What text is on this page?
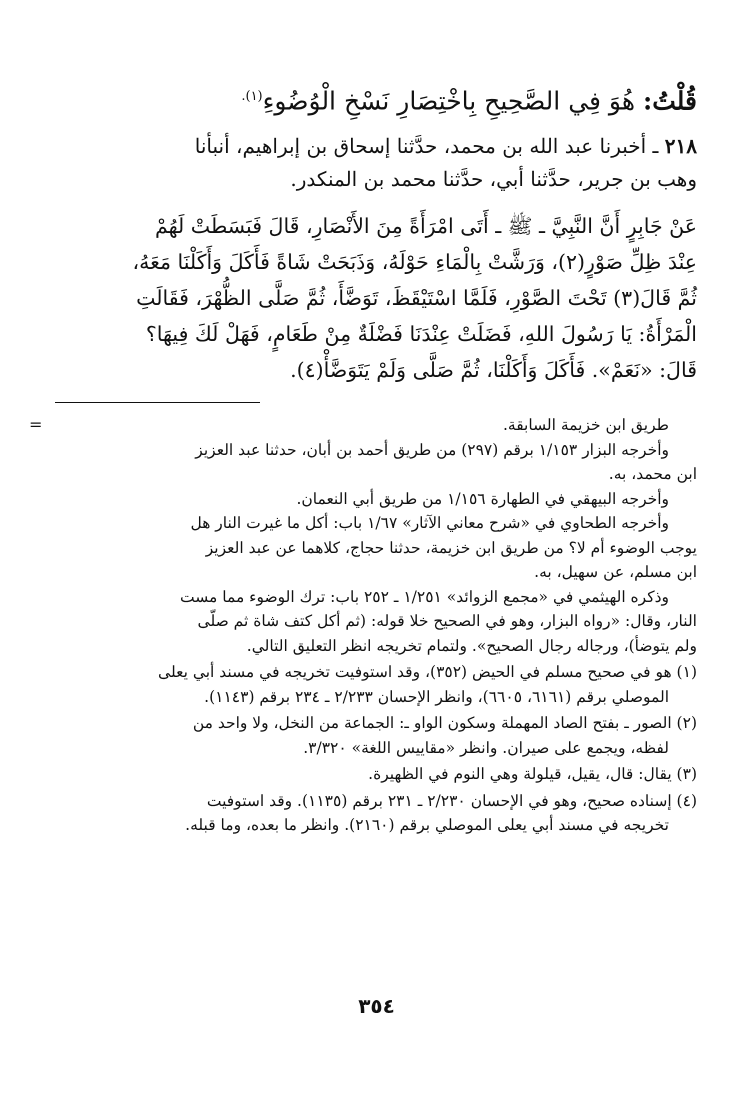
قُلْتُ: هُوَ فِي الصَّحِيحِ بِاخْتِصَارِ نَسْخِ الْوُضُوءِ$^{(١).}$
٢١٨ ـ أخبرنا عبد الله بن محمد، حدَّثنا إسحاق بن إبراهيم، أنبأنا
وهب بن جرير، حدَّثنا أبي، حدَّثنا محمد بن المنكدر.
عَنْ جَابِرٍ أَنَّ النَّبِيَّ ـ ﷺ ـ أَتَى امْرَأَةً مِنَ الأَنْصَارِ، قَالَ فَبَسَطَتْ لَهُمْ
عِنْدَ ظِلِّ صَوْرٍ(٢)، وَرَشَّتْ بِالْمَاءِ حَوْلَهُ، وَذَبَحَتْ شَاةً فَأَكَلَ وَأَكَلْنَا مَعَهُ،
ثُمَّ قَالَ(٣) تَحْتَ الصَّوْرِ، فَلَمَّا اسْتَيْقَظَ، تَوَضَّأَ، ثُمَّ صَلَّى الظُّهْرَ، فَقَالَتِ
الْمَرْأَةُ: يَا رَسُولَ اللهِ، فَضَلَتْ عِنْدَنَا فَضْلَةٌ مِنْ طَعَامٍ، فَهَلْ لَكَ فِيهَا؟
قَالَ: «نَعَمْ». فَأَكَلَ وَأَكَلْنَا، ثُمَّ صَلَّى وَلَمْ يَتَوَضَّأْ(٤).
=	طريق ابن خزيمة السابقة.
وأخرجه البزار ١/١٥٣ برقم (٢٩٧) من طريق أحمد بن أبان، حدثنا عبد العزيز
ابن محمد، به.
وأخرجه البيهقي في الطهارة ١/١٥٦ من طريق أبي النعمان.
وأخرجه الطحاوي في «شرح معاني الآثار» ١/٦٧ باب: أكل ما غيرت النار هل
يوجب الوضوء أم لا؟ من طريق ابن خزيمة، حدثنا حجاج، كلاهما عن عبد العزيز
ابن مسلم، عن سهيل، به.
وذكره الهيثمي في «مجمع الزوائد» ١/٢٥١ ـ ٢٥٢ باب: ترك الوضوء مما مست
النار، وقال: «رواه البزار، وهو في الصحيح خلا قوله: (ثم أكل كتف شاة ثم صلّى
ولم يتوضأ)، ورجاله رجال الصحيح». ولتمام تخريجه انظر التعليق التالي.
(١) هو في صحيح مسلم في الحيض (٣٥٢)، وقد استوفيت تخريجه في مسند أبي يعلى
الموصلي برقم (٦١٦١، ٦٦٠٥)، وانظر الإحسان ٢/٢٣٣ ـ ٢٣٤ برقم (١١٤٣).
(٢) الصور ـ بفتح الصاد المهملة وسكون الواو ـ: الجماعة من النخل، ولا واحد من
لفظه، ويجمع على صيران. وانظر «مقاييس اللغة» ٣/٣٢٠.
(٣) يقال: قال، يقيل، قيلولة وهي النوم في الظهيرة.
(٤) إسناده صحيح، وهو في الإحسان ٢/٢٣٠ ـ ٢٣١ برقم (١١٣٥). وقد استوفيت
تخريجه في مسند أبي يعلى الموصلي برقم (٢١٦٠). وانظر ما بعده، وما قبله.
٣٥٤
